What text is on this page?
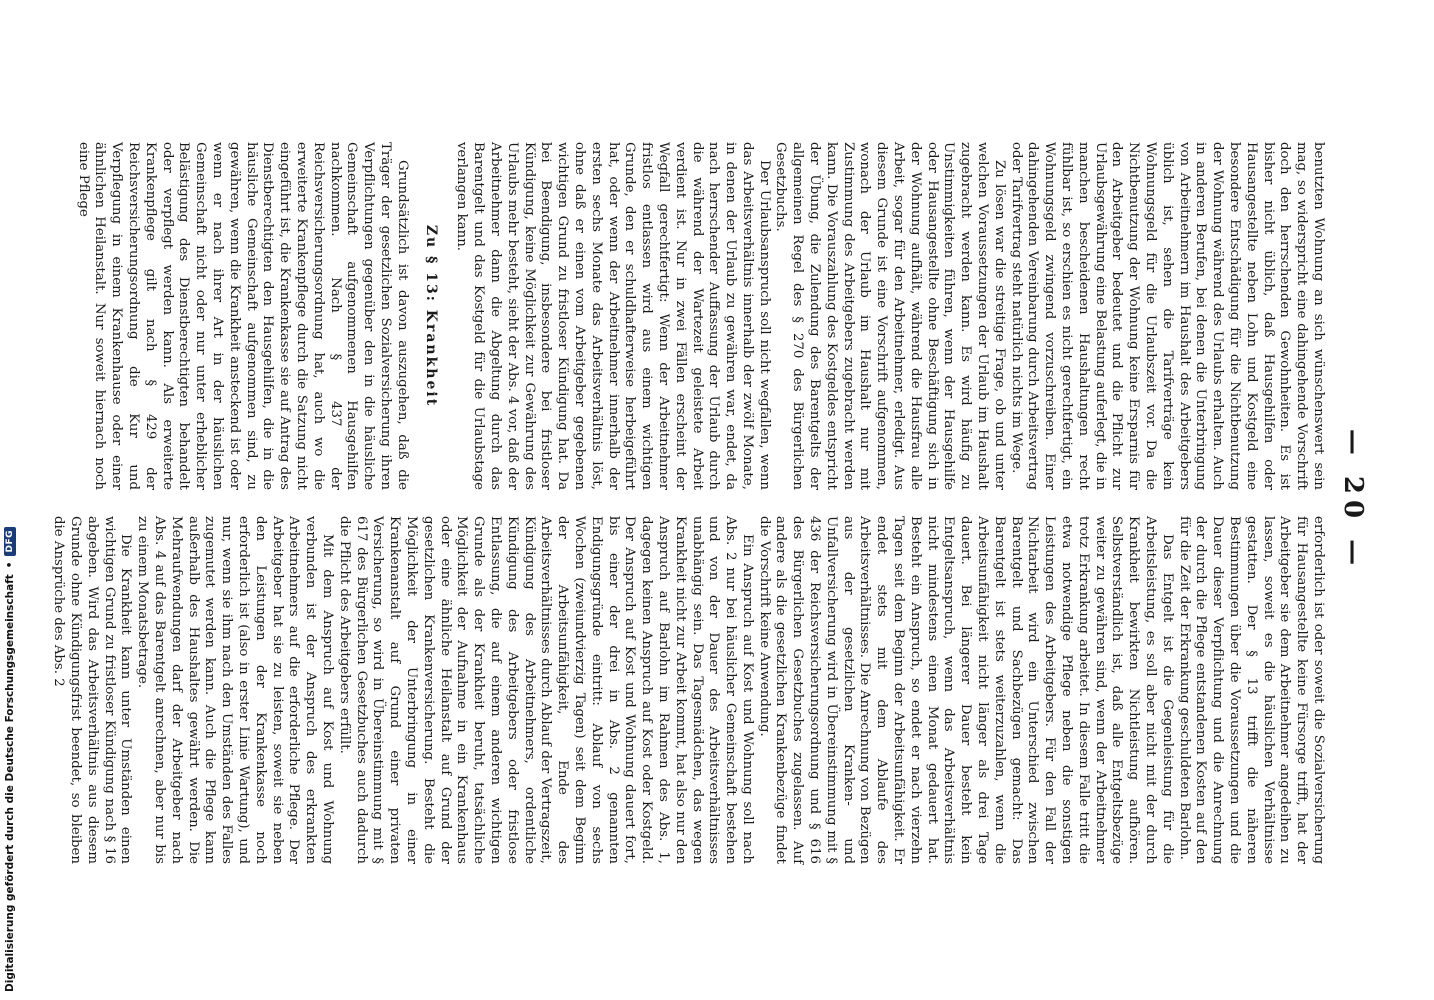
— 20 —

benutzten Wohnung an sich wünschenswert sein mag, so widerspricht eine dahingehende Vorschrift doch den herrschenden Gewohnheiten. Es ist bisher nicht üblich, daß Hausgehilfen oder Hausangestellte neben Lohn und Kostgeld eine besondere Entschädigung für die Nichtbenutzung der Wohnung während des Urlaubs erhalten. Auch in anderen Berufen, bei denen die Unterbringung von Arbeitnehmern im Haushalt des Arbeitgebers üblich ist, sehen die Tarifverträge kein Wohnungsgeld für die Urlaubszeit vor. Da die Nichtbenutzung der Wohnung keine Ersparnis für den Arbeitgeber bedeutet und die Pflicht zur Urlaubsgewährung eine Belastung auferlegt, die in manchen bescheidenen Haushaltungen recht fühlbar ist, so erschien es nicht gerechtfertigt, ein Wohnungsgeld zwingend vorzuschreiben. Einer dahingehenden Vereinbarung durch Arbeitsvertrag oder Tarifvertrag steht natürlich nichts im Wege.

Zu lösen war die streitige Frage, ob und unter welchen Voraussetzungen der Urlaub im Haushalt zugebracht werden kann. Es wird häufig zu Unstimmigkeiten führen, wenn der Hausgehilfe oder Hausangestellte ohne Beschäftigung sich in der Wohnung aufhält, während die Hausfrau alle Arbeit, sogar für den Arbeitnehmer, erledigt. Aus diesem Grunde ist eine Vorschrift aufgenommen, wonach der Urlaub im Haushalt nur mit Zustimmung des Arbeitgebers zugebracht werden kann. Die Vorauszahlung des Kostgeldes entspricht der Übung, die Zulendung des Barentgelts der allgemeinen Regel des § 270 des Bürgerlichen Gesetzbuchs.

Der Urlaubsanspruch soll nicht wegfallen, wenn das Arbeitsverhältnis innerhalb der zwölf Monate, in denen der Urlaub zu gewähren war, endet, da nach herrschender Auffassung der Urlaub durch die während der Wartezeit geleistete Arbeit verdient ist. Nur in zwei Fällen erscheint der Wegfall gerechtfertigt: Wenn der Arbeitnehmer fristlos entlassen wird aus einem wichtigen Grunde, den er schuldhafterweise herbeigeführt hat, oder wenn der Arbeitnehmer innerhalb der ersten sechs Monate das Arbeitsverhältnis löst, ohne daß er einen vom Arbeitgeber gegebenen wichtigen Grund zu fristloser Kündigung hat. Da bei Beendigung, insbesondere bei fristloser Kündigung, keine Möglichkeit zur Gewährung des Urlaubs mehr besteht, sieht der Abs. 4 vor, daß der Arbeitnehmer dann die Abgeltung durch das Barentgelt und das Kostgeld für die Urlaubstage verlangen kann.

Zu § 13: Krankheit

Grundsätzlich ist davon auszugehen, daß die Träger der gesetzlichen Sozialversicherung ihren Verpflichtungen gegenüber den in die häusliche Gemeinschaft aufgenommenen Hausgehilfen nachkommen. Nach § 437 der Reichsversicherungsordnung hat, auch wo die erweiterte Krankenpflege durch die Satzung nicht eingeführt ist, die Krankenkasse sie auf Antrag des Dienstberechtigten den Hausgehilfen, die in die häusliche Gemeinschaft aufgenommen sind, zu gewähren, wenn die Krankheit ansteckend ist oder wenn er nach ihrer Art in der häuslichen Gemeinschaft nicht oder nur unter erheblicher Belästigung des Dienstberechtigten behandelt oder verpflegt werden kann. Als erweiterte Krankenpflege gilt nach § 429 der Reichsversicherungsordnung die Kur und Verpflegung in einem Krankenhause oder einer ähnlichen Heilanstalt. Nur soweit hiernach noch eine Pflege

erforderlich ist oder soweit die Sozialversicherung für Hausangestellte keine Fürsorge trifft, hat der Arbeitgeber sie dem Arbeitnehmer angedeihen zu lassen, soweit es die häuslichen Verhältnisse gestatten. Der § 13 trifft die näheren Bestimmungen über die Voraussetzungen und die Dauer dieser Verpflichtung und die Anrechnung der durch die Pflege entstandenen Kosten auf den für die Zeit der Erkrankung geschuldeten Barlohn.

Das Entgelt ist die Gegenleistung für die Arbeitsleistung, es soll aber nicht mit der durch Krankheit bewirkten Nichtleistung aufhören. Selbstverständlich ist, daß alle Entgeltsbezüge weiter zu gewähren sind, wenn der Arbeitnehmer trotz Erkrankung arbeitet. In diesem Falle tritt die etwa notwendige Pflege neben die sonstigen Leistungen des Arbeitgebers. Für den Fall der Nichtarbeit wird ein Unterschied zwischen Barentgelt und Sachbezügen gemacht: Das Barentgelt ist stets weiterzuzahlen, wenn die Arbeitsunfähigkeit nicht länger als drei Tage dauert. Bei längerer Dauer besteht kein Entgeltsanspruch, wenn das Arbeitsverhältnis nicht mindestens einen Monat gedauert hat. Besteht ein Anspruch, so endet er nach vierzehn Tagen seit dem Beginn der Arbeitsunfähigkeit. Er endet stets mit dem Ablaufe des Arbeitsverhältnisses. Die Anrechnung von Bezügen aus der gesetzlichen Kranken- und Unfallversicherung wird in Übereinstimmung mit § 436 der Reichsversicherungsordnung und § 616 des Bürgerlichen Gesetzbuches zugelassen. Auf andere als die gesetzlichen Krankenbezüge findet die Vorschrift keine Anwendung.

Ein Anspruch auf Kost und Wohnung soll nach Abs. 2 nur bei häuslicher Gemeinschaft bestehen und von der Dauer des Arbeitsverhältnisses unabhängig sein. Das Tagesmädchen, das wegen Krankheit nicht zur Arbeit kommt, hat also nur den Anspruch auf Barlohn im Rahmen des Abs. 1, dagegen keinen Anspruch auf Kost oder Kostgeld. Der Anspruch auf Kost und Wohnung dauert fort, bis einer der drei in Abs. 2 genannten Endigungsgründe eintritt: Ablauf von sechs Wochen (zweiundvierzig Tagen) seit dem Beginn der Arbeitsunfähigkeit, Ende des Arbeitsverhältnisses durch Ablauf der Vertragszeit, Kündigung des Arbeitnehmers, ordentliche Kündigung des Arbeitgebers oder fristlose Entlassung, die auf einem anderen wichtigen Grunde als der Krankheit beruht, tatsächliche Möglichkeit der Aufnahme in ein Krankenhaus oder eine ähnliche Heilanstalt auf Grund der gesetzlichen Krankenversicherung. Besteht die Möglichkeit der Unterbringung in einer Krankenanstalt auf Grund einer privaten Versicherung, so wird in Übereinstimmung mit § 617 des Bürgerlichen Gesetzbuches auch dadurch die Pflicht des Arbeitgebers erfüllt.

Mit dem Anspruch auf Kost und Wohnung verbunden ist der Anspruch des erkrankten Arbeitnehmers auf die erforderliche Pflege. Der Arbeitgeber hat sie zu leisten, soweit sie neben den Leistungen der Krankenkasse noch erforderlich ist (also in erster Linie Wartung), und nur, wenn sie ihm nach den Umständen des Falles zugemutet werden kann. Auch die Pflege kann außerhalb des Haushaltes gewährt werden. Die Mehraufwendungen darf der Arbeitgeber nach Abs. 4 auf das Barentgelt anrechnen, aber nur bis zu einem Monatsbetrage.

Die Krankheit kann unter Umständen einen wichtigen Grund zu fristloser Kündigung nach § 16 abgeben. Wird das Arbeitsverhältnis aus diesem Grunde ohne Kündigungsfrist beendet, so bleiben die Ansprüche des Abs. 2

Digitalisierung gefördert durch die Deutsche Forschungsgemeinschaft
•
DFG
